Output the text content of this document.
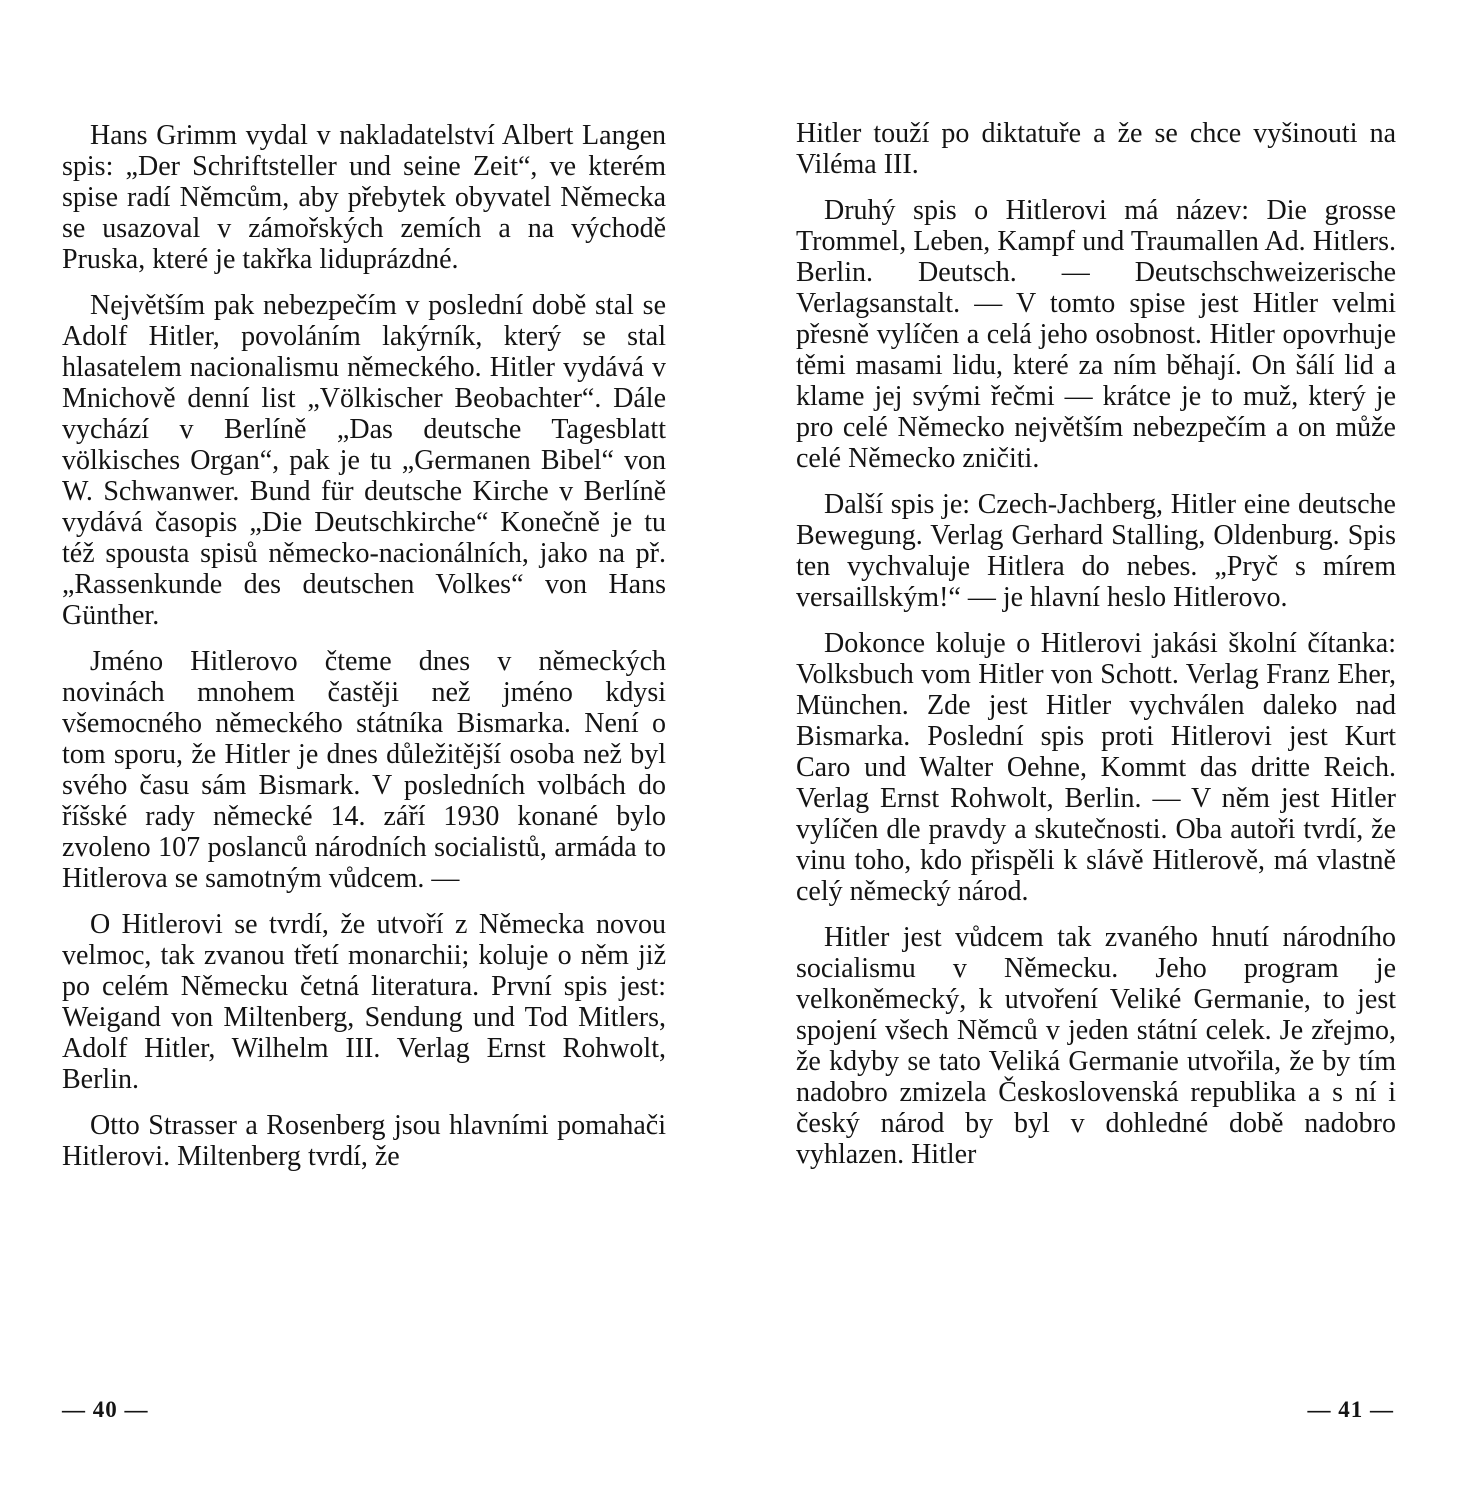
Hans Grimm vydal v nakladatelství Albert Langen spis: „Der Schriftsteller und seine Zeit“, ve kterém spise radí Němcům, aby přebytek obyvatel Německa se usazoval v zámořských zemích a na východě Pruska, které je takřka liduprázdné.

Největším pak nebezpečím v poslední době stal se Adolf Hitler, povoláním lakýrník, který se stal hlasatelem nacionalismu německého. Hitler vydává v Mnichově denní list „Völkischer Beobachter“. Dále vychází v Berlíně „Das deutsche Tagesblatt völkisches Organ“, pak je tu „Germanen Bibel“ von W. Schwanwer. Bund für deutsche Kirche v Berlíně vydává časopis „Die Deutschkirche“ Konečně je tu též spousta spisů německo-nacionálních, jako na př. „Rassenkunde des deutschen Volkes“ von Hans Günther.

Jméno Hitlerovo čteme dnes v německých novinách mnohem častěji než jméno kdysi všemocného německého státníka Bismarka. Není o tom sporu, že Hitler je dnes důležitější osoba než byl svého času sám Bismark. V posledních volbách do říšské rady německé 14. září 1930 konané bylo zvoleno 107 poslanců národních socialistů, armáda to Hitlerova se samotným vůdcem. —

O Hitlerovi se tvrdí, že utvoří z Německa novou velmoc, tak zvanou třetí monarchii; koluje o něm již po celém Německu četná literatura. První spis jest: Weigand von Miltenberg, Sendung und Tod Mitlers, Adolf Hitler, Wilhelm III. Verlag Ernst Rohwolt, Berlin.

Otto Strasser a Rosenberg jsou hlavními pomahači Hitlerovi. Miltenberg tvrdí, že

— 40 —

Hitler touží po diktatuře a že se chce vyšinouti na Viléma III.

Druhý spis o Hitlerovi má název: Die grosse Trommel, Leben, Kampf und Traumallen Ad. Hitlers. Berlin. Deutsch. — Deutschschweizerische Verlagsanstalt. — V tomto spise jest Hitler velmi přesně vylíčen a celá jeho osobnost. Hitler opovrhuje těmi masami lidu, které za ním běhají. On šálí lid a klame jej svými řečmi — krátce je to muž, který je pro celé Německo největším nebezpečím a on může celé Německo zničiti.

Další spis je: Czech-Jachberg, Hitler eine deutsche Bewegung. Verlag Gerhard Stalling, Oldenburg. Spis ten vychvaluje Hitlera do nebes. „Pryč s mírem versaillským!“ — je hlavní heslo Hitlerovo.

Dokonce koluje o Hitlerovi jakási školní čítanka: Volksbuch vom Hitler von Schott. Verlag Franz Eher, München. Zde jest Hitler vychválen daleko nad Bismarka. Poslední spis proti Hitlerovi jest Kurt Caro und Walter Oehne, Kommt das dritte Reich. Verlag Ernst Rohwolt, Berlin. — V něm jest Hitler vylíčen dle pravdy a skutečnosti. Oba autoři tvrdí, že vinu toho, kdo přispěli k slávě Hitlerově, má vlastně celý německý národ.

Hitler jest vůdcem tak zvaného hnutí národního socialismu v Německu. Jeho program je velkoněmecký, k utvoření Veliké Germanie, to jest spojení všech Němců v jeden státní celek. Je zřejmo, že kdyby se tato Veliká Germanie utvořila, že by tím nadobro zmizela Československá republika a s ní i český národ by byl v dohledné době nadobro vyhlazen. Hitler

— 41 —
